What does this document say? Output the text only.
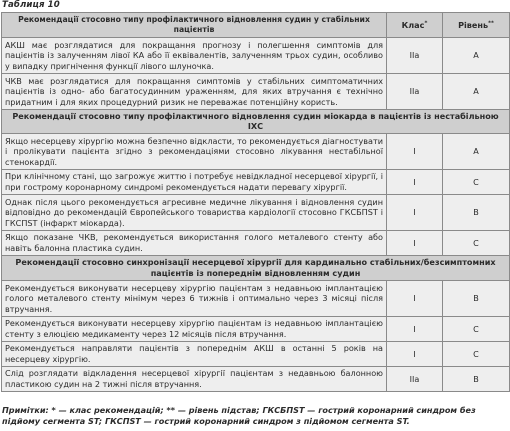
Таблиця 10
Рекомендації стосовно типу профілактичного відновлення судин у стабільних пацієнтів	Клас*	Рівень**
АКШ має розглядатися для покращання прогнозу і полегшення симптомів для пацієнтів із залученням лівої КА або її еквівалентів, залученням трьох судин, особливо у випадку пригнічення функції лівого шлуночка.	IIa	A
ЧКВ має розглядатися для покращання симптомів у стабільних симптоматичних пацієнтів із одно- або багатосудинним ураженням, для яких втручання є технічно придатним і для яких процедурний ризик не переважає потенційну користь.	IIa	A
Рекомендації стосовно типу профілактичного відновлення судин міокарда в пацієнтів із нестабільною ІХС		
Якщо несерцеву хірургію можна безпечно відкласти, то рекомендується діагностувати і пролікувати пацієнта згідно з рекомендаціями стосовно лікування нестабільної стенокардії.	I	A
При клінічному стані, що загрожує життю і потребує невідкладної несерцевої хірургії, і при гострому коронарному синдромі рекомендується надати перевагу хірургії.	I	C
Однак після цього рекомендується агресивне медичне лікування і відновлення судин відповідно до рекомендацій Європейського товариства кардіології стосовно ГКСБПST і ГКСПST (інфаркт міокарда).	I	B
Якщо показане ЧКВ, рекомендується використання голого металевого стенту або навіть балонна пластика судин.	I	C
Рекомендації стосовно синхронізації несерцевої хірургії для кардинально стабільних/безсимптомних пацієнтів із попереднім відновленням судин		
Рекомендується виконувати несерцеву хірургію пацієнтам з недавньою імплантацією голого металевого стенту мінімум через 6 тижнів і оптимально через 3 місяці після втручання.	I	B
Рекомендується виконувати несерцеву хірургію пацієнтам із недавньою імплантацією стенту з елюцією медикаменту через 12 місяців після втручання.	I	C
Рекомендується направляти пацієнтів з попереднім АКШ в останні 5 років на несерцеву хірургію.	I	C
Слід розглядати відкладення несерцевої хірургії пацієнтам з недавньою балонною пластикою судин на 2 тижні після втручання.	IIa	B
Примітки: * — клас рекомендацій; ** — рівень підстав; ГКСБПST — гострий коронарний синдром без підйому сегмента ST; ГКСПST — гострий коронарний синдром з підйомом сегмента ST.
